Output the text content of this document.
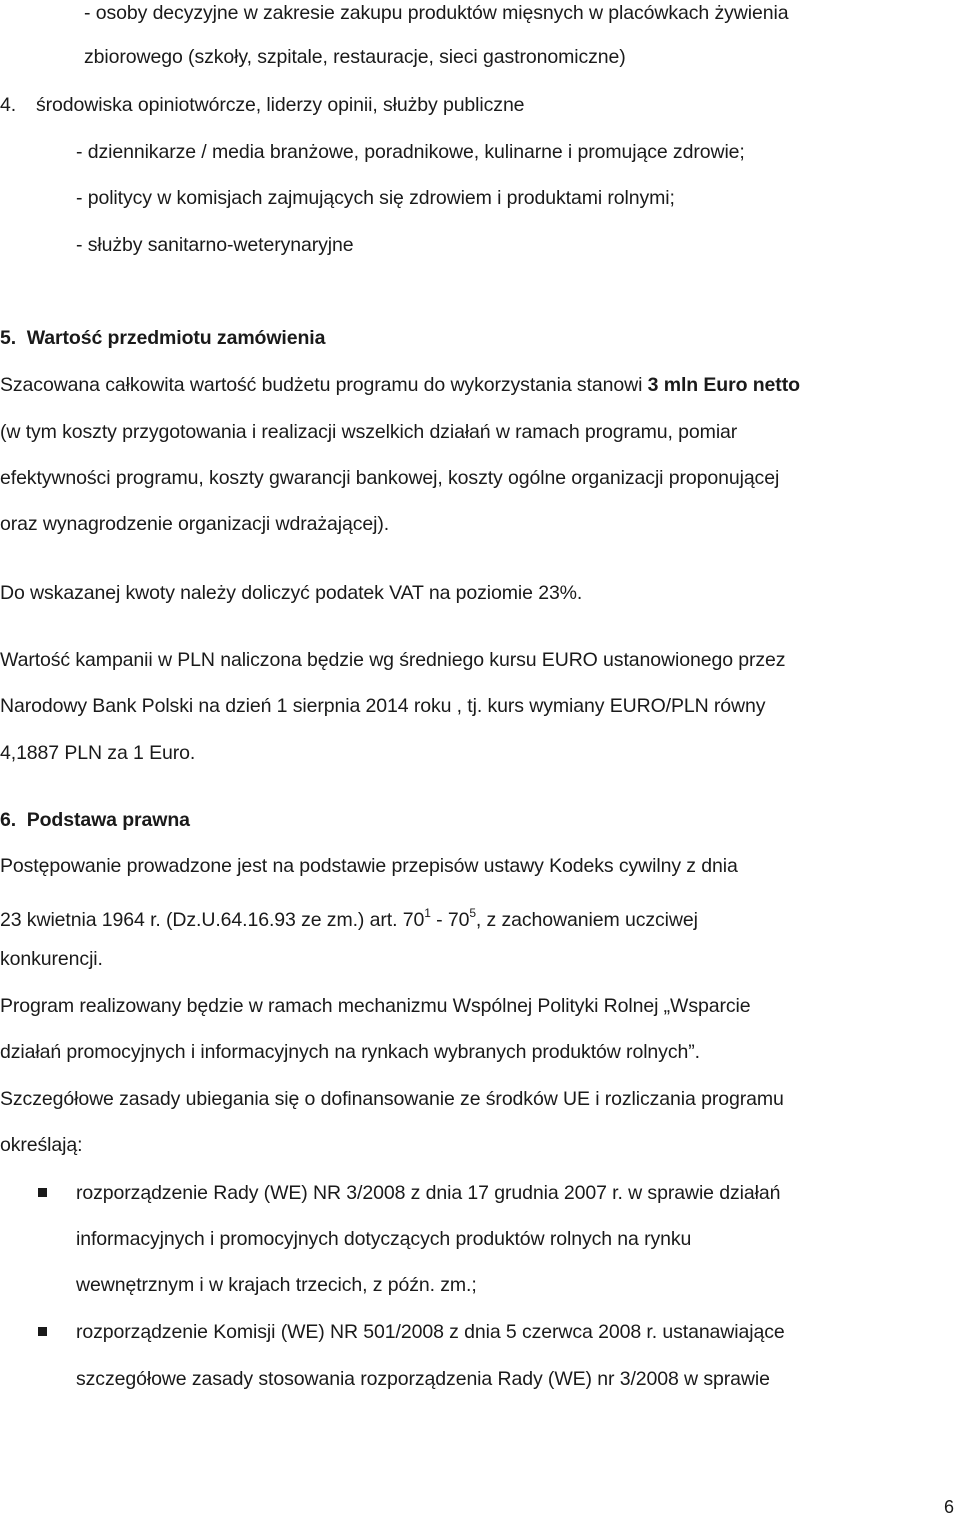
- osoby decyzyjne w zakresie zakupu produktów mięsnych w placówkach żywienia
zbiorowego (szkoły, szpitale, restauracje, sieci gastronomiczne)
4. środowiska opiniotwórcze, liderzy opinii, służby publiczne
- dziennikarze / media branżowe, poradnikowe, kulinarne i promujące zdrowie;
- politycy w komisjach zajmujących się zdrowiem i produktami rolnymi;
- służby sanitarno-weterynaryjne
5.  Wartość przedmiotu zamówienia
Szacowana całkowita wartość budżetu programu do wykorzystania stanowi 3 mln Euro netto
(w tym koszty przygotowania i realizacji wszelkich działań w ramach programu, pomiar
efektywności programu, koszty gwarancji bankowej, koszty ogólne organizacji proponującej
oraz wynagrodzenie organizacji wdrażającej).
Do wskazanej kwoty należy doliczyć podatek VAT na poziomie 23%.
Wartość kampanii w PLN naliczona będzie wg średniego kursu EURO ustanowionego przez
Narodowy Bank Polski na dzień 1 sierpnia 2014 roku , tj. kurs wymiany EURO/PLN równy
4,1887 PLN za 1 Euro.
6.  Podstawa prawna
Postępowanie prowadzone jest na podstawie przepisów ustawy Kodeks cywilny z dnia
23 kwietnia 1964 r. (Dz.U.64.16.93 ze zm.) art. $70^1 - 70^5$, z zachowaniem uczciwej
konkurencji.
Program realizowany będzie w ramach mechanizmu Wspólnej Polityki Rolnej „Wsparcie
działań promocyjnych i informacyjnych na rynkach wybranych produktów rolnych”.
Szczegółowe zasady ubiegania się o dofinansowanie ze środków UE i rozliczania programu
określają:
rozporządzenie Rady (WE) NR 3/2008 z dnia 17 grudnia 2007 r. w sprawie działań
informacyjnych i promocyjnych dotyczących produktów rolnych na rynku
wewnętrznym i w krajach trzecich, z późn. zm.;
rozporządzenie Komisji (WE) NR 501/2008 z dnia 5 czerwca 2008 r. ustanawiające
szczegółowe zasady stosowania rozporządzenia Rady (WE) nr 3/2008 w sprawie
6
